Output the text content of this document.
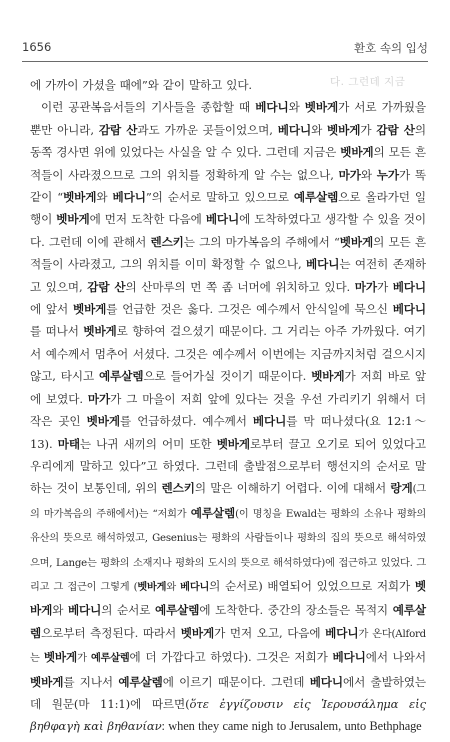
1656	환호 속의 입성
다. 그런데 지금

에 가까이 가셨을 때에”와 같이 말하고 있다.

이런 공관복음서들의 기사들을 종합할 때 베다니와 벳바게가 서로 가까웠을 뿐만 아니라, 감람 산과도 가까운 곳들이었으며, 베다니와 벳바게가 감람 산의 동쪽 경사면 위에 있었다는 사실을 알 수 있다. 그런데 지금은 벳바게의 모든 흔적들이 사라졌으므로 그의 위치를 정확하게 알 수는 없으나, 마가와 누가가 똑같이 “벳바게와 베다니”의 순서로 말하고 있으므로 예루살렘으로 올라가던 일행이 벳바게에 먼저 도착한 다음에 베다니에 도착하였다고 생각할 수 있을 것이다. 그런데 이에 관해서 렌스키는 그의 마가복음의 주해에서 “벳바게의 모든 흔적들이 사라졌고, 그의 위치를 이미 확정할 수 없으나, 베다니는 여전히 존재하고 있으며, 감람 산의 산마루의 먼 쪽 좀 너머에 위치하고 있다. 마가가 베다니에 앞서 벳바게를 언급한 것은 옳다. 그것은 예수께서 안식일에 묵으신 베다니를 떠나서 벳바게로 향하여 걸으셨기 때문이다. 그 거리는 아주 가까웠다. 여기서 예수께서 멈추어 서셨다. 그것은 예수께서 이번에는 지금까지처럼 걸으시지 않고, 타시고 예루살렘으로 들어가실 것이기 때문이다. 벳바게가 저희 바로 앞에 보였다. 마가가 그 마을이 저희 앞에 있다는 것을 우선 가리키기 위해서 더 작은 곳인 벳바게를 언급하셨다. 예수께서 베다니를 막 떠나셨다(요 12:1～13). 마태는 나귀 새끼의 어미 또한 벳바게로부터 끌고 오기로 되어 있었다고 우리에게 말하고 있다”고 하였다. 그런데 출발점으로부터 행선지의 순서로 말하는 것이 보통인데, 위의 렌스키의 말은 이해하기 어렵다. 이에 대해서 랑게(그의 마가복음의 주해에서)는 “저희가 예루살렘(이 명칭을 Ewald는 평화의 소유나 평화의 유산의 뜻으로 해석하였고, Gesenius는 평화의 사람들이나 평화의 집의 뜻으로 해석하였으며, Lange는 평화의 소재지나 평화의 도시의 뜻으로 해석하였다)에 접근하고 있었다. 그리고 그 접근이 그렇게 (벳바게와 베다니의 순서로) 배열되어 있었으므로 저희가 벳바게와 베다니의 순서로 예루살렘에 도착한다. 중간의 장소들은 목적지 예루살렘으로부터 측정된다. 따라서 벳바게가 먼저 오고, 다음에 베다니가 온다(Alford는 벳바게가 예루살렘에 더 가깝다고 하였다). 그것은 저희가 베다니에서 나와서 벳바게를 지나서 예루살렘에 이르기 때문이다. 그런데 베다니에서 출발하였는데 원문(마 11:1)에 따르면(ὅτε ἐγγίζουσιν εἰς Ἱερουσάλημα εἰς βηθφαγὴ καὶ βηθανίαν: when they came nigh to Jerusalem, unto Bethphage
